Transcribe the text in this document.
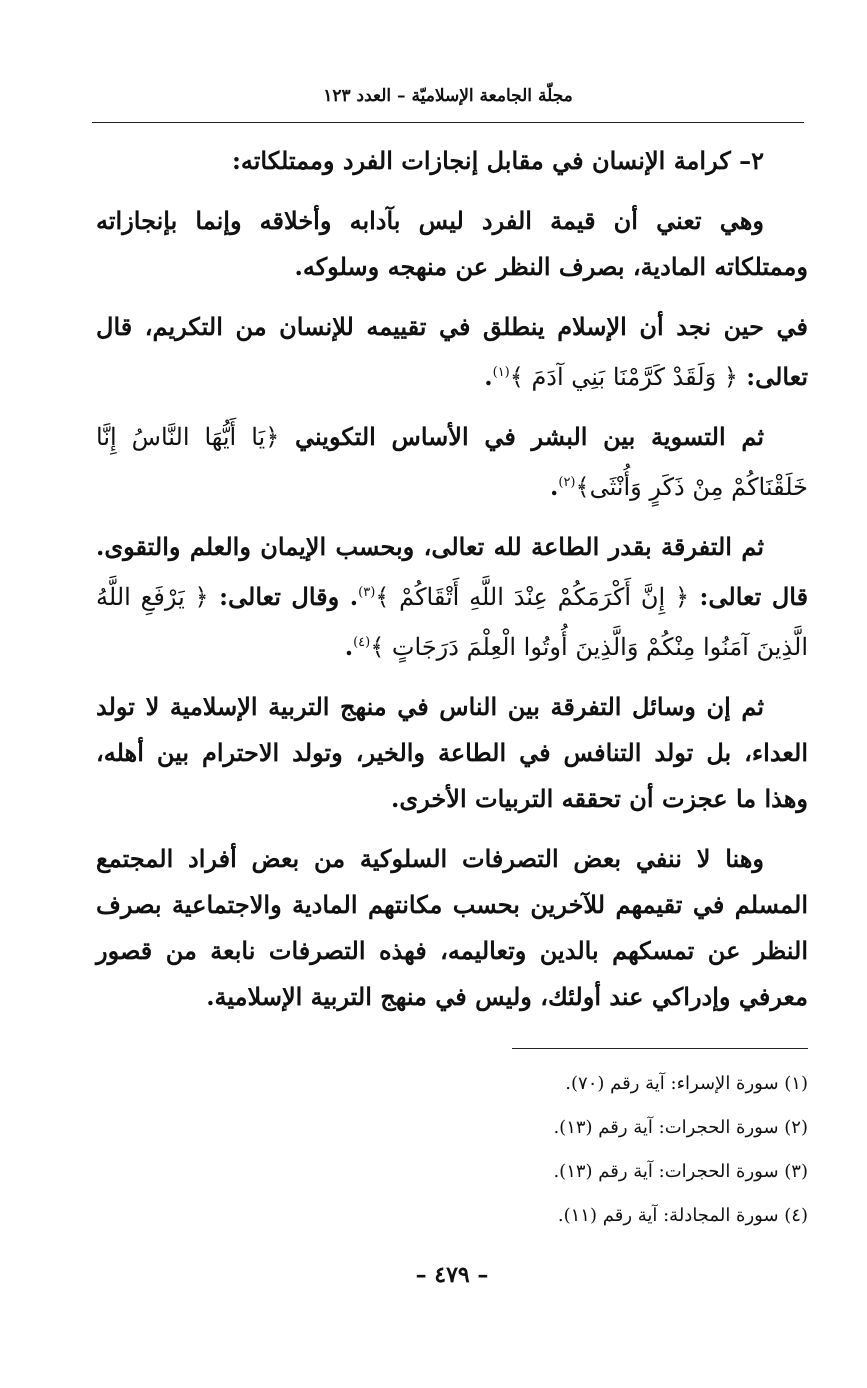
مجلّة الجامعة الإسلاميّة – العدد ١٢٣

٢– كرامة الإنسان في مقابل إنجازات الفرد وممتلكاته:

وهي تعني أن قيمة الفرد ليس بآدابه وأخلاقه وإنما بإنجازاته وممتلكاته المادية، بصرف النظر عن منهجه وسلوكه.

في حين نجد أن الإسلام ينطلق في تقييمه للإنسان من التكريم، قال تعالى: ﴿ وَلَقَدْ كَرَّمْنَا بَنِي آدَمَ ﴾$^{(١)}$.

ثم التسوية بين البشر في الأساس التكويني ﴿يَا أَيُّهَا النَّاسُ إِنَّا خَلَقْنَاكُمْ مِنْ ذَكَرٍ وَأُنْثَى﴾$^{(٢)}$.

ثم التفرقة بقدر الطاعة لله تعالى، وبحسب الإيمان والعلم والتقوى. قال تعالى: ﴿ إِنَّ أَكْرَمَكُمْ عِنْدَ اللَّهِ أَتْقَاكُمْ ﴾$^{(٣)}$. وقال تعالى: ﴿ يَرْفَعِ اللَّهُ الَّذِينَ آمَنُوا مِنْكُمْ وَالَّذِينَ أُوتُوا الْعِلْمَ دَرَجَاتٍ ﴾$^{(٤)}$.

ثم إن وسائل التفرقة بين الناس في منهج التربية الإسلامية لا تولد العداء، بل تولد التنافس في الطاعة والخير، وتولد الاحترام بين أهله، وهذا ما عجزت أن تحققه التربيات الأخرى.

وهنا لا ننفي بعض التصرفات السلوكية من بعض أفراد المجتمع المسلم في تقيمهم للآخرين بحسب مكانتهم المادية والاجتماعية بصرف النظر عن تمسكهم بالدين وتعاليمه، فهذه التصرفات نابعة من قصور معرفي وإدراكي عند أولئك، وليس في منهج التربية الإسلامية.

(١) سورة الإسراء: آية رقم (٧٠).
(٢) سورة الحجرات: آية رقم (١٣).
(٣) سورة الحجرات: آية رقم (١٣).
(٤) سورة المجادلة: آية رقم (١١).
– ٤٧٩ –
